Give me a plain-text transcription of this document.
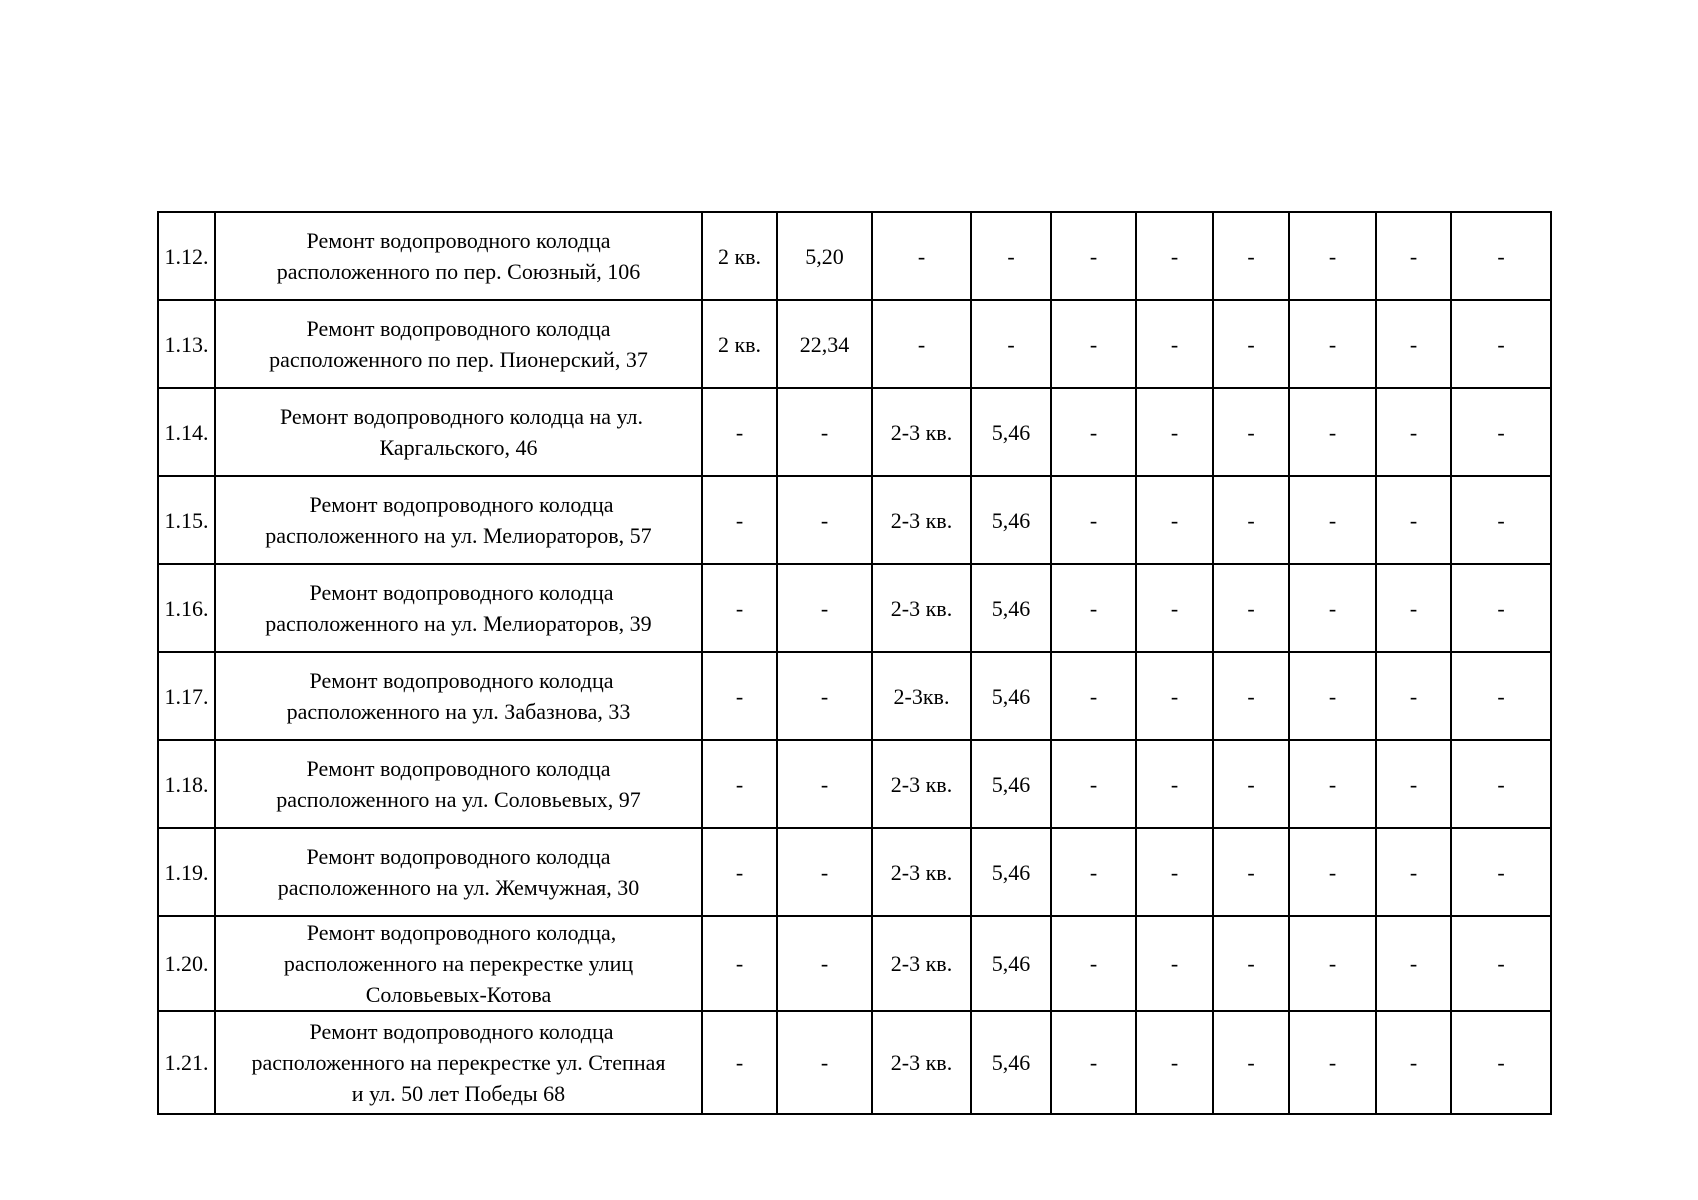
1.12.	Ремонт водопроводного колодца
расположенного по пер. Союзный, 106	2 кв.	5,20	-	-	-	-	-	-	-	-
1.13.	Ремонт водопроводного колодца
расположенного по пер. Пионерский, 37	2 кв.	22,34	-	-	-	-	-	-	-	-
1.14.	Ремонт водопроводного колодца на ул.
Каргальского, 46	-	-	2-3 кв.	5,46	-	-	-	-	-	-
1.15.	Ремонт водопроводного колодца
расположенного на ул. Мелиораторов, 57	-	-	2-3 кв.	5,46	-	-	-	-	-	-
1.16.	Ремонт водопроводного колодца
расположенного на ул. Мелиораторов, 39	-	-	2-3 кв.	5,46	-	-	-	-	-	-
1.17.	Ремонт водопроводного колодца
расположенного на ул. Забазнова, 33	-	-	2-3кв.	5,46	-	-	-	-	-	-
1.18.	Ремонт водопроводного колодца
расположенного на ул. Соловьевых, 97	-	-	2-3 кв.	5,46	-	-	-	-	-	-
1.19.	Ремонт водопроводного колодца
расположенного на ул. Жемчужная, 30	-	-	2-3 кв.	5,46	-	-	-	-	-	-
1.20.	Ремонт водопроводного колодца,
расположенного на перекрестке улиц
Соловьевых-Котова	-	-	2-3 кв.	5,46	-	-	-	-	-	-
1.21.	Ремонт водопроводного колодца
расположенного на перекрестке ул. Степная
и ул. 50 лет Победы 68	-	-	2-3 кв.	5,46	-	-	-	-	-	-
